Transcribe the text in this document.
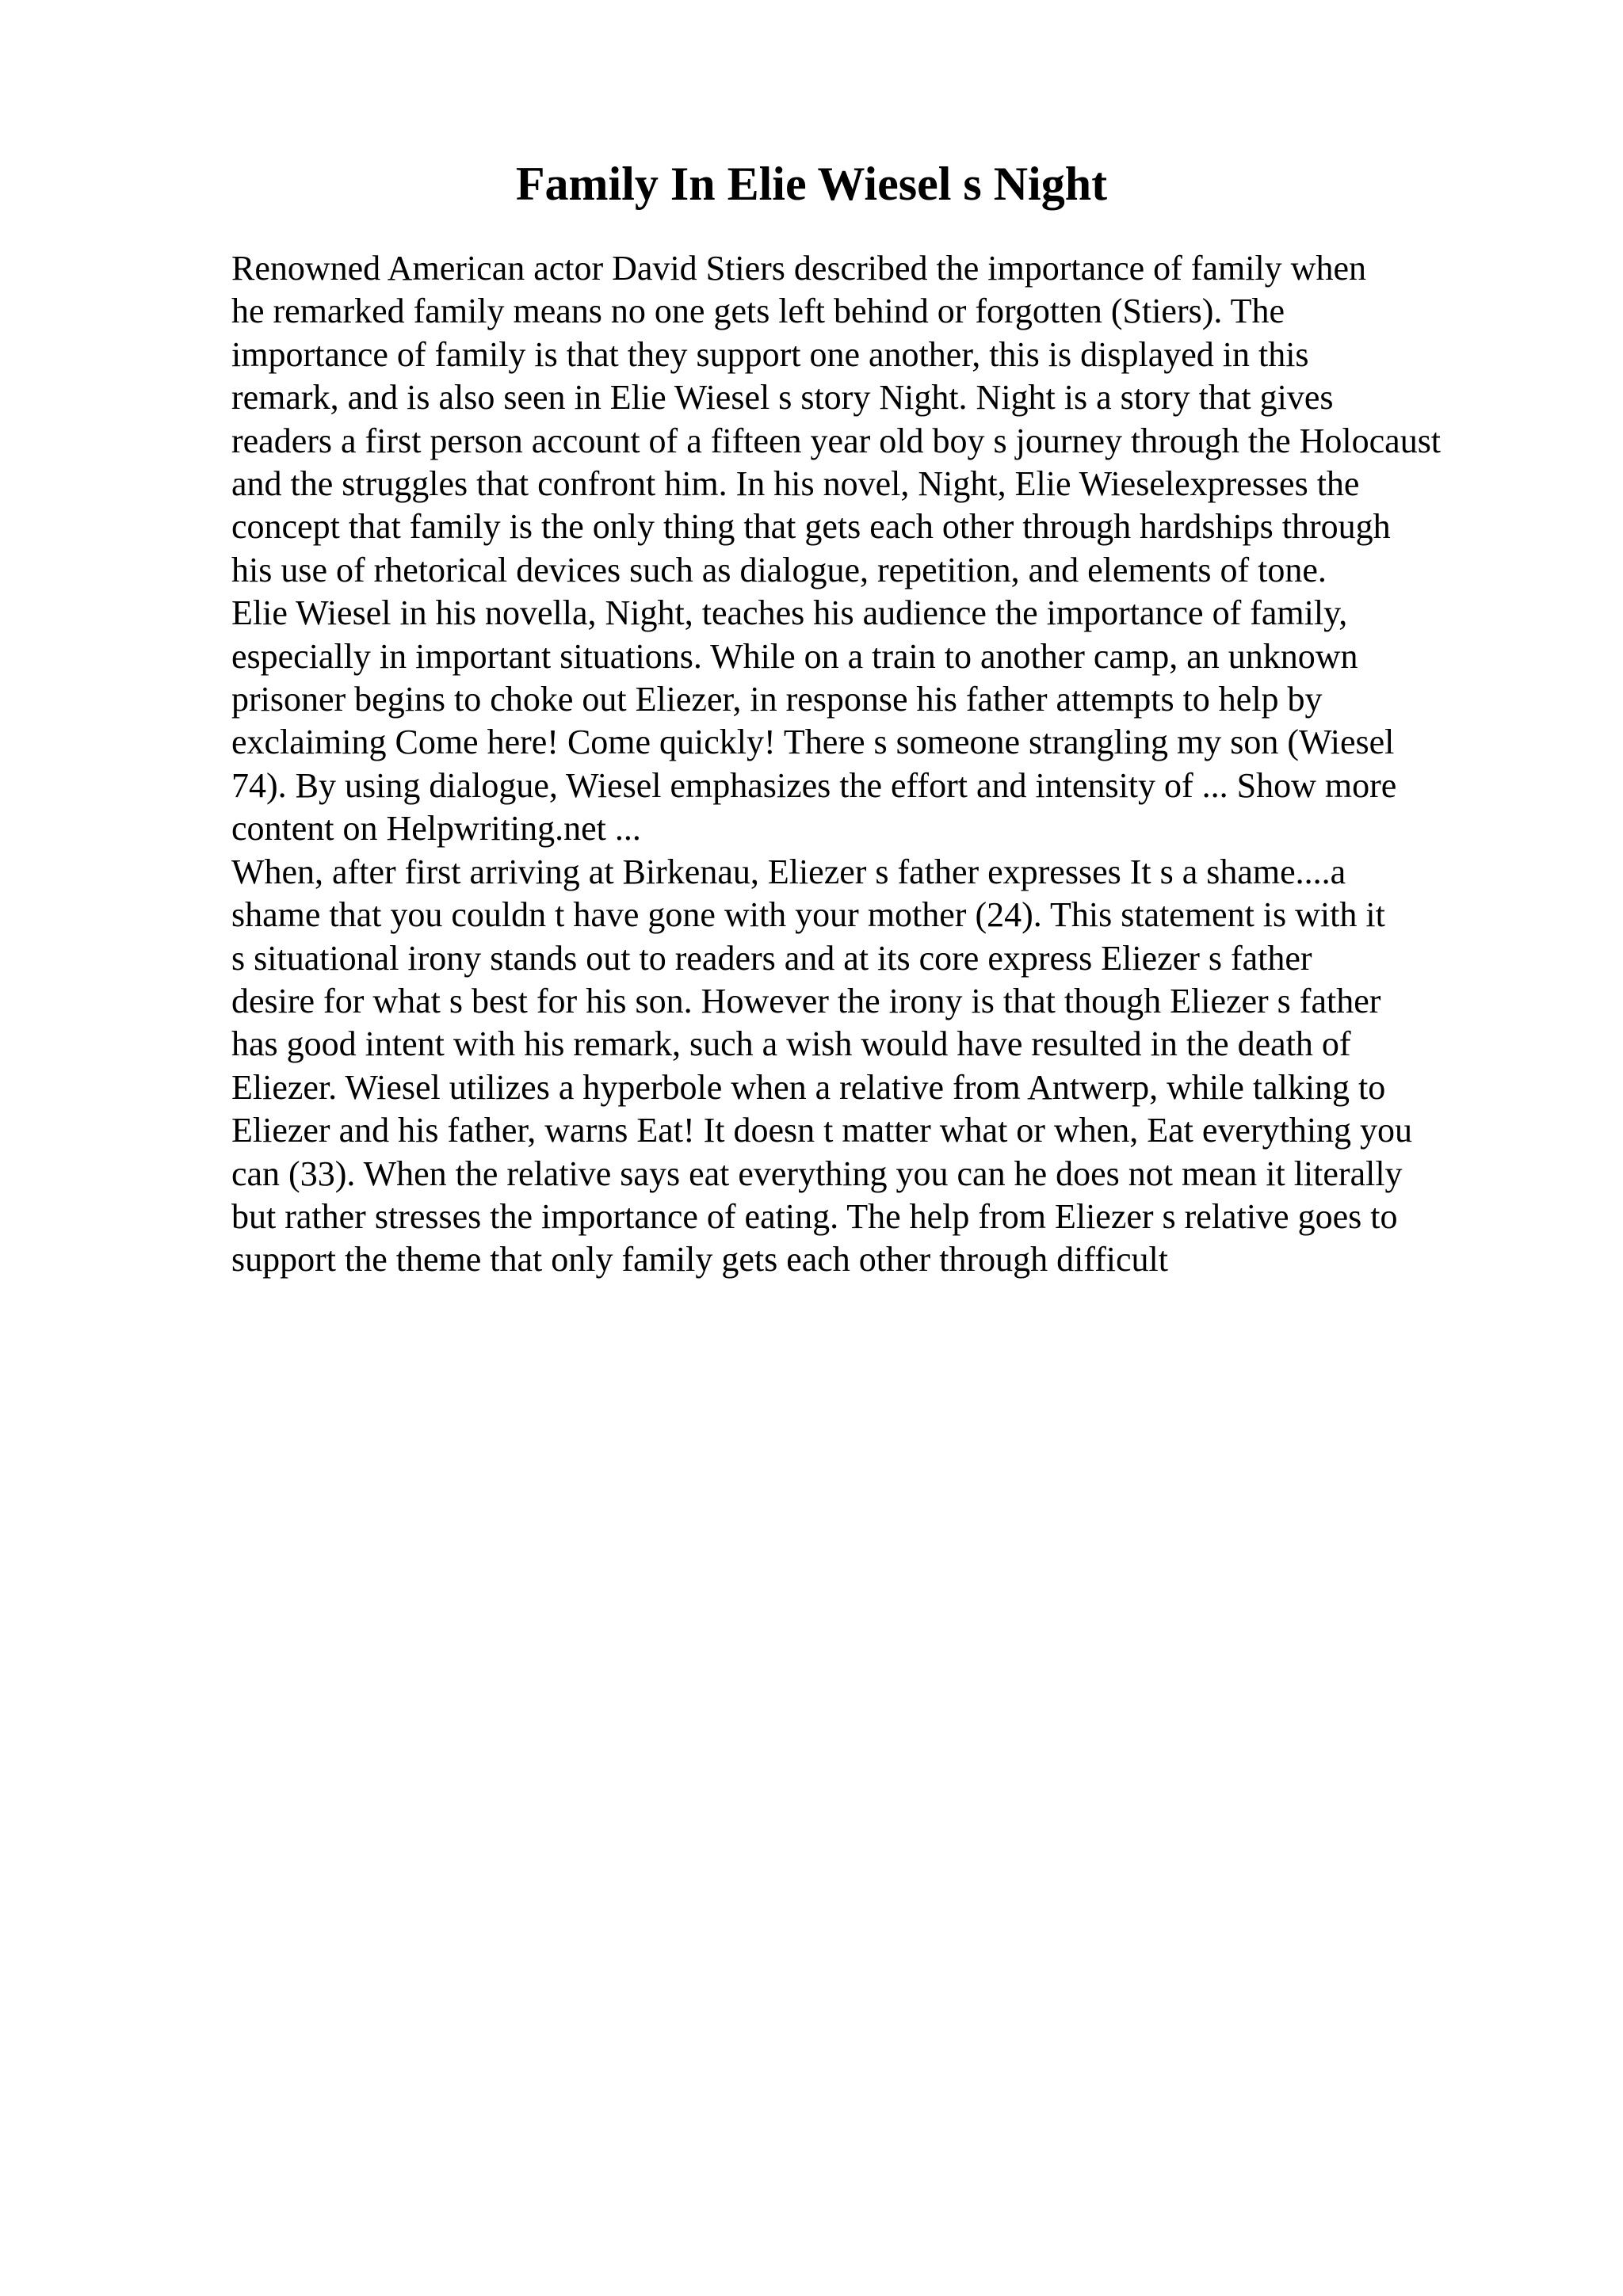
Family In Elie Wiesel s Night
Renowned American actor David Stiers described the importance of family when
he remarked family means no one gets left behind or forgotten (Stiers). The
importance of family is that they support one another, this is displayed in this
remark, and is also seen in Elie Wiesel s story Night. Night is a story that gives
readers a first person account of a fifteen year old boy s journey through the Holocaust
and the struggles that confront him. In his novel, Night, Elie Wieselexpresses the
concept that family is the only thing that gets each other through hardships through
his use of rhetorical devices such as dialogue, repetition, and elements of tone.
Elie Wiesel in his novella, Night, teaches his audience the importance of family,
especially in important situations. While on a train to another camp, an unknown
prisoner begins to choke out Eliezer, in response his father attempts to help by
exclaiming Come here! Come quickly! There s someone strangling my son (Wiesel
74). By using dialogue, Wiesel emphasizes the effort and intensity of ... Show more
content on Helpwriting.net ...
When, after first arriving at Birkenau, Eliezer s father expresses It s a shame....a
shame that you couldn t have gone with your mother (24). This statement is with it
s situational irony stands out to readers and at its core express Eliezer s father
desire for what s best for his son. However the irony is that though Eliezer s father
has good intent with his remark, such a wish would have resulted in the death of
Eliezer. Wiesel utilizes a hyperbole when a relative from Antwerp, while talking to
Eliezer and his father, warns Eat! It doesn t matter what or when, Eat everything you
can (33). When the relative says eat everything you can he does not mean it literally
but rather stresses the importance of eating. The help from Eliezer s relative goes to
support the theme that only family gets each other through difficult
